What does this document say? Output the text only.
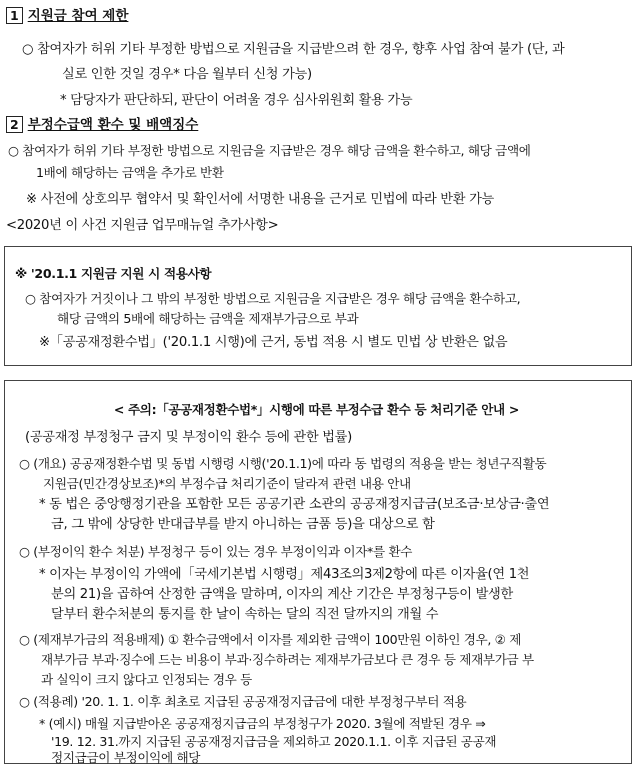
1 지원금 참여 제한
○ 참여자가 허위 기타 부정한 방법으로 지원금을 지급받으려 한 경우, 향후 사업 참여 불가 (단, 과
실로 인한 것일 경우* 다음 월부터 신청 가능)
* 담당자가 판단하되, 판단이 어려울 경우 심사위원회 활용 가능
2 부정수급액 환수 및 배액징수
○ 참여자가 허위 기타 부정한 방법으로 지원금을 지급받은 경우 해당 금액을 환수하고, 해당 금액에
1배에 해당하는 금액을 추가로 반환
※ 사전에 상호의무 협약서 및 확인서에 서명한 내용을 근거로 민법에 따라 반환 가능
<2020년 이 사건 지원금 업무매뉴얼 추가사항>
※ '20.1.1 지원금 지원 시 적용사항
○ 참여자가 거짓이나 그 밖의 부정한 방법으로 지원금을 지급받은 경우 해당 금액을 환수하고,
해당 금액의 5배에 해당하는 금액을 제재부가금으로 부과
※「공공재정환수법」('20.1.1 시행)에 근거, 동법 적용 시 별도 민법 상 반환은 없음
< 주의:「공공재정환수법*」시행에 따른 부정수급 환수 등 처리기준 안내 >
(공공재정 부정청구 금지 및 부정이익 환수 등에 관한 법률)
○ (개요) 공공재정환수법 및 동법 시행령 시행('20.1.1)에 따라 동 법령의 적용을 받는 청년구직활동
지원금(민간경상보조)*의 부정수급 처리기준이 달라져 관련 내용 안내
* 동 법은 중앙행정기관을 포함한 모든 공공기관 소관의 공공재정지급금(보조금·보상금·출연
금, 그 밖에 상당한 반대급부를 받지 아니하는 금품 등)을 대상으로 함
○ (부정이익 환수 처분) 부정청구 등이 있는 경우 부정이익과 이자*를 환수
* 이자는 부정이익 가액에「국세기본법 시행령」제43조의3제2항에 따른 이자율(연 1천
분의 21)을 곱하여 산정한 금액을 말하며, 이자의 계산 기간은 부정청구등이 발생한
달부터 환수처분의 통지를 한 날이 속하는 달의 직전 달까지의 개월 수
○ (제재부가금의 적용배제) ① 환수금액에서 이자를 제외한 금액이 100만원 이하인 경우, ② 제
재부가금 부과·징수에 드는 비용이 부과·징수하려는 제재부가금보다 큰 경우 등 제재부가금 부
과 실익이 크지 않다고 인정되는 경우 등
○ (적용례) '20. 1. 1. 이후 최초로 지급된 공공재정지급금에 대한 부정청구부터 적용
* (예시) 매월 지급받아온 공공재정지급금의 부정청구가 2020. 3월에 적발된 경우 ⇒
'19. 12. 31.까지 지급된 공공재정지급금을 제외하고 2020.1.1. 이후 지급된 공공재
정지급금이 부정이익에 해당
